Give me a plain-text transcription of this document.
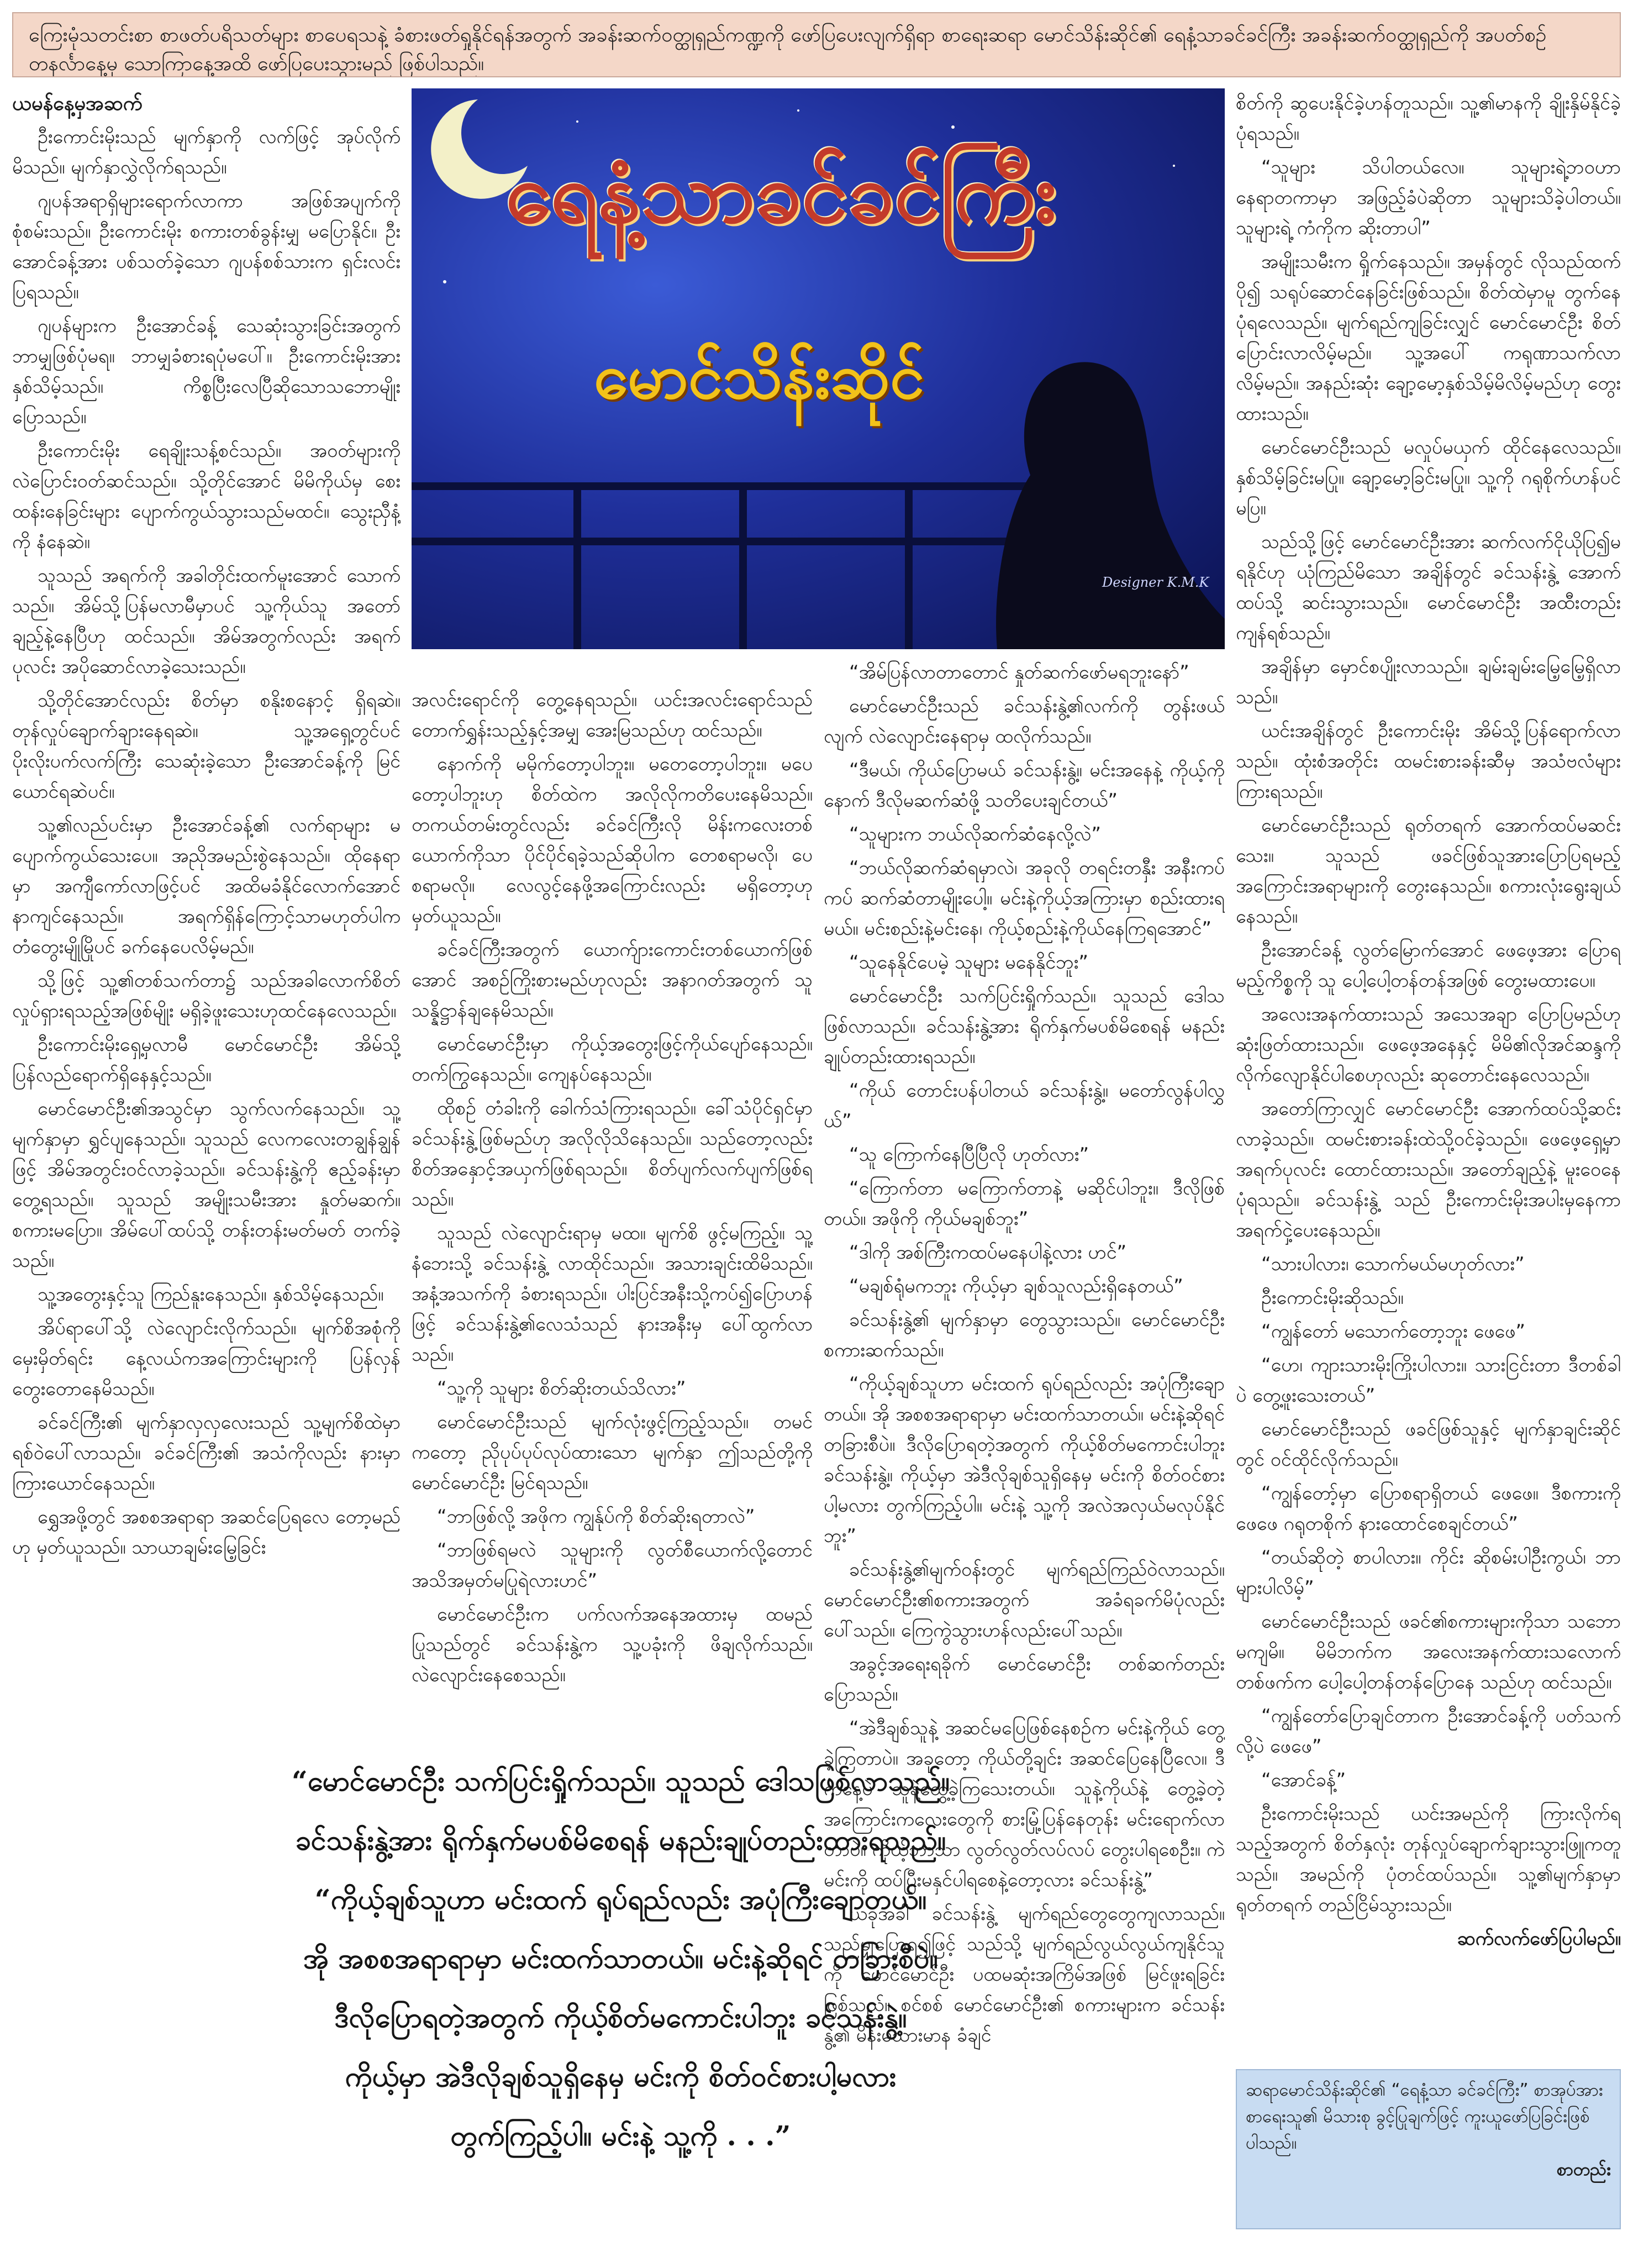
ကြေးမုံသတင်းစာ စာဖတ်ပရိသတ်များ စာပေရသနဲ့ ခံစားဖတ်ရှုနိုင်ရန်အတွက် အခန်းဆက်ဝတ္ထုရှည်ကဏ္ဍကို ဖော်ပြပေးလျက်ရှိရာ စာရေးဆရာ မောင်သိန်းဆိုင်၏ ရေနံ့သာခင်ခင်ကြီး အခန်းဆက်ဝတ္ထုရှည်ကို အပတ်စဉ် တနင်္လာနေ့မှ သောကြာနေ့အထိ ဖော်ပြပေးသွားမည် ဖြစ်ပါသည်။
ယမန်နေ့မှအဆက်

ဦးကောင်းမိုးသည် မျက်နှာကို လက်ဖြင့် အုပ်လိုက်မိသည်။ မျက်နှာလွှဲလိုက်ရသည်။

ဂျပန်အရာရှိများရောက်လာကာ အဖြစ်အပျက်ကို စုံစမ်းသည်။ ဦးကောင်းမိုး စကားတစ်ခွန်းမျှ မပြောနိုင်။ ဦးအောင်ခန့်အား ပစ်သတ်ခဲ့သော ဂျပန်စစ်သားက ရှင်းလင်းပြရသည်။

ဂျပန်များက ဦးအောင်ခန့် သေဆုံးသွားခြင်းအတွက် ဘာမျှဖြစ်ပုံမရ။ ဘာမျှခံစားရပုံမပေါ်။ ဦးကောင်းမိုးအား နှစ်သိမ့်သည်။ ကိစ္စပြီးလေပြီဆိုသောသဘောမျိုးပြောသည်။

ဦးကောင်းမိုး ရေချိုးသန့်စင်သည်။ အဝတ်များကို လဲပြောင်းဝတ်ဆင်သည်။ သို့တိုင်အောင် မိမိကိုယ်မှ စေးထန်းနေခြင်းများ ပျောက်ကွယ်သွားသည်မထင်။ သွေးညှီနံ့ကို နံနေဆဲ။

သူသည် အရက်ကို အခါတိုင်းထက်မူးအောင် သောက်သည်။ အိမ်သို့ပြန်မလာမီမှာပင် သူ့ကိုယ်သူ အတော်ချည့်နဲ့နေပြီဟု ထင်သည်။ အိမ်အတွက်လည်း အရက်ပုလင်း အပိုဆောင်လာခဲ့သေးသည်။

သို့တိုင်အောင်လည်း စိတ်မှာ စနိုးစနောင့် ရှိရဆဲ။ တုန်လှုပ်ချောက်ချားနေရဆဲ။ သူ့အရှေ့တွင်ပင် ပိုးလိုးပက်လက်ကြီး သေဆုံးခဲ့သော ဦးအောင်ခန့်ကို မြင်ယောင်ရဆဲပင်။

သူ့၏လည်ပင်းမှာ ဦးအောင်ခန့်၏ လက်ရာများ မပျောက်ကွယ်သေးပေ။ အညိုအမည်းစွဲနေသည်။ ထိုနေရာမှာ အကျီကော်လာဖြင့်ပင် အထိမခံနိုင်လောက်အောင် နာကျင်နေသည်။ အရက်ရှိန်ကြောင့်သာမဟုတ်ပါက တံတွေးမျိုမြိုပင် ခက်နေပေလိမ့်မည်။

သို့ဖြင့် သူ့၏တစ်သက်တာ၌ သည်အခါလောက်စိတ်လှုပ်ရှားရသည့်အဖြစ်မျိုး မရှိခဲ့ဖူးသေးဟုထင်နေလေသည်။

ဦးကောင်းမိုးရှေ့မှလာမီ မောင်မောင်ဦး အိမ်သို့ ပြန်လည်ရောက်ရှိနေနှင့်သည်။

မောင်မောင်ဦး၏အသွင်မှာ သွက်လက်နေသည်။ သူ့မျက်နှာမှာ ရွှင်ပျနေသည်။ သူသည် လေကလေးတချွန်ချွန်ဖြင့် အိမ်အတွင်းဝင်လာခဲ့သည်။ ခင်သန်းနွဲ့ကို ဧည့်ခန်းမှာတွေ့ရသည်။ သူသည် အမျိုးသမီးအား နှုတ်မဆက်။ စကားမပြော။ အိမ်ပေါ်ထပ်သို့ တန်းတန်းမတ်မတ် တက်ခဲ့သည်။

သူ့အတွေးနှင့်သူ ကြည်နူးနေသည်။ နှစ်သိမ့်နေသည်။

အိပ်ရာပေါ်သို့ လဲလျောင်းလိုက်သည်။ မျက်စိအစုံကို မှေးမှိတ်ရင်း နေ့လယ်ကအကြောင်းများကို ပြန်လှန်တွေးတောနေမိသည်။

ခင်ခင်ကြီး၏ မျက်နှာလှလှလေးသည် သူ့မျက်စိထဲမှာ ရစ်ဝဲပေါ်လာသည်။ ခင်ခင်ကြီး၏ အသံကိုလည်း နားမှာ ကြားယောင်နေသည်။

ရွှေအဖို့တွင် အစစအရာရာ အဆင်ပြေရလေ တော့မည်ဟု မှတ်ယူသည်။ သာယာချမ်းမြေ့ခြင်း

ရေနံ့သာခင်ခင်ကြီး
မောင်သိန်းဆိုင်
Designer K.M.K

အလင်းရောင်ကို တွေ့နေရသည်။ ယင်းအလင်းရောင်သည် တောက်ရွှန်းသည့်နှင့်အမျှ အေးမြသည်ဟု ထင်သည်။

နောက်ကို မမိုက်တော့ပါဘူး။ မတေတော့ပါဘူး။ မပေတော့ပါဘူးဟု စိတ်ထဲက အလိုလိုကတိပေးနေမိသည်။ တကယ်တမ်းတွင်လည်း ခင်ခင်ကြီးလို မိန်းကလေးတစ်ယောက်ကိုသာ ပိုင်ပိုင်ရခဲ့သည်ဆိုပါက တေစရာမလို၊ ပေစရာမလို။ လေလွင့်နေဖို့အကြောင်းလည်း မရှိတော့ဟု မှတ်ယူသည်။

ခင်ခင်ကြီးအတွက် ယောက်ျားကောင်းတစ်ယောက်ဖြစ်အောင် အစဉ်ကြိုးစားမည်ဟုလည်း အနာဂတ်အတွက် သူ သန္နိဋ္ဌာန်ချနေမိသည်။

မောင်မောင်ဦးမှာ ကိုယ့်အတွေးဖြင့်ကိုယ်ပျော်နေသည်။ တက်ကြွနေသည်။ ကျေနပ်နေသည်။

ထိုစဉ် တံခါးကို ခေါက်သံကြားရသည်။ ခေါ်သံပိုင်ရှင်မှာ ခင်သန်းနွဲ့ဖြစ်မည်ဟု အလိုလိုသိနေသည်။ သည်တော့လည်း စိတ်အနှောင့်အယှက်ဖြစ်ရသည်။ စိတ်ပျက်လက်ပျက်ဖြစ်ရသည်။

သူသည် လဲလျောင်းရာမှ မထ။ မျက်စိ ဖွင့်မကြည့်။ သူ့နံဘေးသို့ ခင်သန်းနွဲ့ လာထိုင်သည်။ အသားချင်းထိမိသည်။ အနံ့အသက်ကို ခံစားရသည်။ ပါးပြင်အနီးသို့ကပ်၍ပြောဟန်ဖြင့် ခင်သန်းနွဲ့၏လေသံသည် နားအနီးမှ ပေါ်ထွက်လာသည်။

“သူ့ကို သူများ စိတ်ဆိုးတယ်သိလား”

မောင်မောင်ဦးသည် မျက်လုံးဖွင့်ကြည့်သည်။ တမင်ကတော့ ညိုပုပ်ပုပ်လုပ်ထားသော မျက်နှာ ဤသည်တို့ကို မောင်မောင်ဦး မြင်ရသည်။

“ဘာဖြစ်လို့ အဖိုက ကျွန်ုပ်ကို စိတ်ဆိုးရတာလဲ”

“ဘာဖြစ်ရမလဲ သူများကို လွတ်စီယောက်လို့တောင် အသိအမှတ်မပြုရဲလားဟင်”

မောင်မောင်ဦးက ပက်လက်အနေအထားမှ ထမည်ပြုသည်တွင် ခင်သန်းနွဲ့က သူ့ပခုံးကို ဖိချလိုက်သည်။ လဲလျောင်းနေစေသည်။

“အိမ်ပြန်လာတာတောင် နှုတ်ဆက်ဖော်မရဘူးနော်”

မောင်မောင်ဦးသည် ခင်သန်းနွဲ့၏လက်ကို တွန်းဖယ်လျက် လဲလျောင်းနေရာမှ ထလိုက်သည်။

“ဒီမယ်၊ ကိုယ်ပြောမယ် ခင်သန်းနွဲ့။ မင်းအနေနဲ့ ကိုယ့်ကို နောက် ဒီလိုမဆက်ဆံဖို့ သတိပေးချင်တယ်”

“သူများက ဘယ်လိုဆက်ဆံနေလို့လဲ”

“ဘယ်လိုဆက်ဆံရမှာလဲ၊ အခုလို တရင်းတနှီး အနီးကပ်ကပ် ဆက်ဆံတာမျိုးပေါ့။ မင်းနဲ့ကိုယ့်အကြားမှာ စည်းထားရမယ်။ မင်းစည်းနဲ့မင်းနေ၊ ကိုယ့်စည်းနဲ့ကိုယ်နေကြရအောင်”

“သူနေနိုင်ပေမဲ့ သူများ မနေနိုင်ဘူး”

မောင်မောင်ဦး သက်ပြင်းရှိုက်သည်။ သူသည် ဒေါသဖြစ်လာသည်။ ခင်သန်းနွဲ့အား ရိုက်နှက်မပစ်မိစေရန် မနည်းချုပ်တည်းထားရသည်။

“ကိုယ် တောင်းပန်ပါတယ် ခင်သန်းနွဲ့။ မတော်လွန်ပါလွှယ်”

“သူ ကြောက်နေပြီပြီလို ဟုတ်လား”

“ကြောက်တာ မကြောက်တာနဲ့ မဆိုင်ပါဘူး။ ဒီလိုဖြစ်တယ်။ အဖိုကို ကိုယ်မချစ်ဘူး”

“ဒါကို အစ်ကြီးကထပ်မနေပါနဲ့လား ဟင်”

“မချစ်ရုံမကဘူး ကိုယ့်မှာ ချစ်သူလည်းရှိနေတယ်”

ခင်သန်းနွဲ့၏ မျက်နှာမှာ တွေသွားသည်။ မောင်မောင်ဦးစကားဆက်သည်။

“ကိုယ့်ချစ်သူဟာ မင်းထက် ရုပ်ရည်လည်း အပုံကြီးချောတယ်။ အို အစစအရာရာမှာ မင်းထက်သာတယ်။ မင်းနဲ့ဆိုရင် တခြားစီပဲ။ ဒီလိုပြောရတဲ့အတွက် ကိုယ့်စိတ်မကောင်းပါဘူး ခင်သန်းနွဲ့။ ကိုယ့်မှာ အဲဒီလိုချစ်သူရှိနေမှ မင်းကို စိတ်ဝင်စားပါ့မလား တွက်ကြည့်ပါ။ မင်းနဲ့ သူ့ကို အလဲအလှယ်မလုပ်နိုင်ဘူး”

ခင်သန်းနွဲ့၏မျက်ဝန်းတွင် မျက်ရည်ကြည်ဝဲလာသည်။ မောင်မောင်ဦး၏စကားအတွက် အခံရခက်မိပုံလည်းပေါ်သည်။ ကြေကွဲသွားဟန်လည်းပေါ်သည်။

အခွင့်အရေးရခိုက် မောင်မောင်ဦး တစ်ဆက်တည်းပြောသည်။

“အဲဒီချစ်သူနဲ့ အဆင်မပြေဖြစ်နေစဉ်က မင်းနဲ့ကိုယ် တွေ့ခဲ့ကြတာပဲ။ အခုတော့ ကိုယ်တို့ချင်း အဆင်ပြေနေပြီလေ။ ဒီကနေ့ပဲ သူနဲ့ထွေ့ခဲ့ကြသေးတယ်။ သူနဲ့ကိုယ်နဲ့ တွေ့ခဲ့တဲ့အကြောင်းကလေးတွေကို စားမြုံ့ပြန်နေတုန်း မင်းရောက်လာတာပဲ။ ကိုယ့်ဘာသာ လွတ်လွတ်လပ်လပ် တွေးပါရစေဦး။ ကဲ မင်းကို ထပ်ပြီးမနှင်ပါရစေနဲ့တော့လား ခင်သန်းနွဲ့”

ယခုအခါ ခင်သန်းနွဲ့ မျက်ရည်တွေတွေကျလာသည်။ သည်မျှပြောရ၍ဖြင့် သည်သို့ မျက်ရည်လွယ်လွယ်ကျနိုင်သူကို မောင်မောင်ဦး ပထမဆုံးအကြိမ်အဖြစ် မြင်ဖူးရခြင်းဖြစ်သည်။ စင်စစ် မောင်မောင်ဦး၏ စကားများက ခင်သန်းနွဲ့၏ မိန်းမသားမာန ခံချင်

စိတ်ကို ဆွပေးနိုင်ခဲ့ဟန်တူသည်။ သူ့၏မာနကို ချိုးနှိမ်နိုင်ခဲ့ပုံရသည်။

“သူများ သိပါတယ်လေ။ သူများရဲ့ဘဝဟာ နေရာတကာမှာ အဖြည့်ခံပဲဆိုတာ သူများသိခဲ့ပါတယ်။ သူများရဲ့ ကံကိုက ဆိုးတာပါ”

အမျိုးသမီးက ရှိုက်နေသည်။ အမှန်တွင် လိုသည်ထက်ပို၍ သရုပ်ဆောင်နေခြင်းဖြစ်သည်။ စိတ်ထဲမှာမူ တွက်နေပုံရလေသည်။ မျက်ရည်ကျခြင်းလျှင် မောင်မောင်ဦး စိတ်ပြောင်းလာလိမ့်မည်။ သူ့အပေါ် ကရုဏာသက်လာလိမ့်မည်။ အနည်းဆုံး ချော့မော့နှစ်သိမ့်မိလိမ့်မည်ဟု တွေးထားသည်။

မောင်မောင်ဦးသည် မလှုပ်မယှက် ထိုင်နေလေသည်။ နှစ်သိမ့်ခြင်းမပြု။ ချော့မော့ခြင်းမပြု။ သူ့ကို ဂရုစိုက်ဟန်ပင် မပြ။

သည်သို့ဖြင့် မောင်မောင်ဦးအား ဆက်လက်ငိုယိုပြ၍မရနိုင်ဟု ယုံကြည်မိသော အချိန်တွင် ခင်သန်းနွဲ့ အောက်ထပ်သို့ ဆင်းသွားသည်။ မောင်မောင်ဦး အထီးတည်း ကျန်ရစ်သည်။

အချိန်မှာ မှောင်စပျိုးလာသည်။ ချမ်းချမ်းမြေ့မြေ့ရှိလာသည်။

ယင်းအချိန်တွင် ဦးကောင်းမိုး အိမ်သို့ပြန်ရောက်လာသည်။ ထုံးစံအတိုင်း ထမင်းစားခန်းဆီမှ အသံဗလံများ ကြားရသည်။

မောင်မောင်ဦးသည် ရုတ်တရက် အောက်ထပ်မဆင်းသေး။ သူသည် ဖခင်ဖြစ်သူအားပြောပြရမည့် အကြောင်းအရာများကို တွေးနေသည်။ စကားလုံးရွေးချယ်နေသည်။

ဦးအောင်ခန့် လွတ်မြောက်အောင် ဖေဖေ့အား ပြောရမည့်ကိစ္စကို သူ ပေါ့ပေါ့တန်တန်အဖြစ် တွေးမထားပေ။

အလေးအနက်ထားသည် အသေအချာ ပြောပြမည်ဟု ဆုံးဖြတ်ထားသည်။ ဖေဖေ့အနေနှင့် မိမိ၏လိုအင်ဆန္ဒကို လိုက်လျောနိုင်ပါစေဟုလည်း ဆုတောင်းနေလေသည်။

အတော်ကြာလျှင် မောင်မောင်ဦး အောက်ထပ်သို့ဆင်းလာခဲ့သည်။ ထမင်းစားခန်းထဲသို့ဝင်ခဲ့သည်။ ဖေဖေ့ရှေ့မှာ အရက်ပုလင်း ထောင်ထားသည်။ အတော်ချည့်နဲ့ မူးဝေနေပုံရသည်။ ခင်သန်းနွဲ့ သည် ဦးကောင်းမိုးအပါးမှနေကာ အရက်ငှဲ့ပေးနေသည်။

“သားပါလား၊ သောက်မယ်မဟုတ်လား”

ဦးကောင်းမိုးဆိုသည်။

“ကျွန်တော် မသောက်တော့ဘူး ဖေဖေ”

“ဟေ၊ ကျားသားမိုးကြိုးပါလား။ သားငြင်းတာ ဒီတစ်ခါပဲ တွေ့ဖူးသေးတယ်”

မောင်မောင်ဦးသည် ဖခင်ဖြစ်သူနှင့် မျက်နှာချင်းဆိုင်တွင် ဝင်ထိုင်လိုက်သည်။

“ကျွန်တော့်မှာ ပြောစရာရှိတယ် ဖေဖေ။ ဒီစကားကို ဖေဖေ ဂရုတစိုက် နားထောင်စေချင်တယ်”

“တယ်ဆိုတဲ့ စာပါလား။ ကိုင်း ဆိုစမ်းပါဦးကွယ်၊ ဘာများပါလိမ့်”

မောင်မောင်ဦးသည် ဖခင်၏စကားများကိုသာ သဘောမကျမိ။ မိမိဘက်က အလေးအနက်ထားသလောက် တစ်ဖက်က ပေါ့ပေါ့တန်တန်ပြောနေ သည်ဟု ထင်သည်။

“ကျွန်တော်ပြောချင်တာက ဦးအောင်ခန့်ကို ပတ်သက်လို့ပဲ ဖေဖေ”

“အောင်ခန့်”

ဦးကောင်းမိုးသည် ယင်းအမည်ကို ကြားလိုက်ရသည့်အတွက် စိတ်နှလုံး တုန်လှုပ်ချောက်ချားသွားဖြူကတူသည်။ အမည်ကို ပုံတင်ထပ်သည်။ သူ့၏မျက်နှာမှာ ရုတ်တရက် တည်ငြိမ်သွားသည်။

ဆက်လက်ဖော်ပြပါမည်။

“မောင်မောင်ဦး သက်ပြင်းရှိုက်သည်။ သူသည် ဒေါသဖြစ်လာသည်။
ခင်သန်းနွဲ့အား ရိုက်နှက်မပစ်မိစေရန် မနည်းချုပ်တည်းထားရသည်။
“ကိုယ့်ချစ်သူဟာ မင်းထက် ရုပ်ရည်လည်း အပုံကြီးချောတယ်။
အို အစစအရာရာမှာ မင်းထက်သာတယ်။ မင်းနဲ့ဆိုရင် တခြားစီပဲ။
ဒီလိုပြောရတဲ့အတွက် ကိုယ့်စိတ်မကောင်းပါဘူး ခင်သန်းနွဲ့။
ကိုယ့်မှာ အဲဒီလိုချစ်သူရှိနေမှ မင်းကို စိတ်ဝင်စားပါ့မလား
တွက်ကြည့်ပါ။ မင်းနဲ့ သူ့ကို . . .”
ဆရာမောင်သိန်းဆိုင်၏ “ရေနံ့သာ ခင်ခင်ကြီး” စာအုပ်အား စာရေးသူ၏ မိသားစု ခွင့်ပြုချက်ဖြင့် ကူးယူဖော်ပြခြင်းဖြစ်ပါသည်။
စာတည်း
